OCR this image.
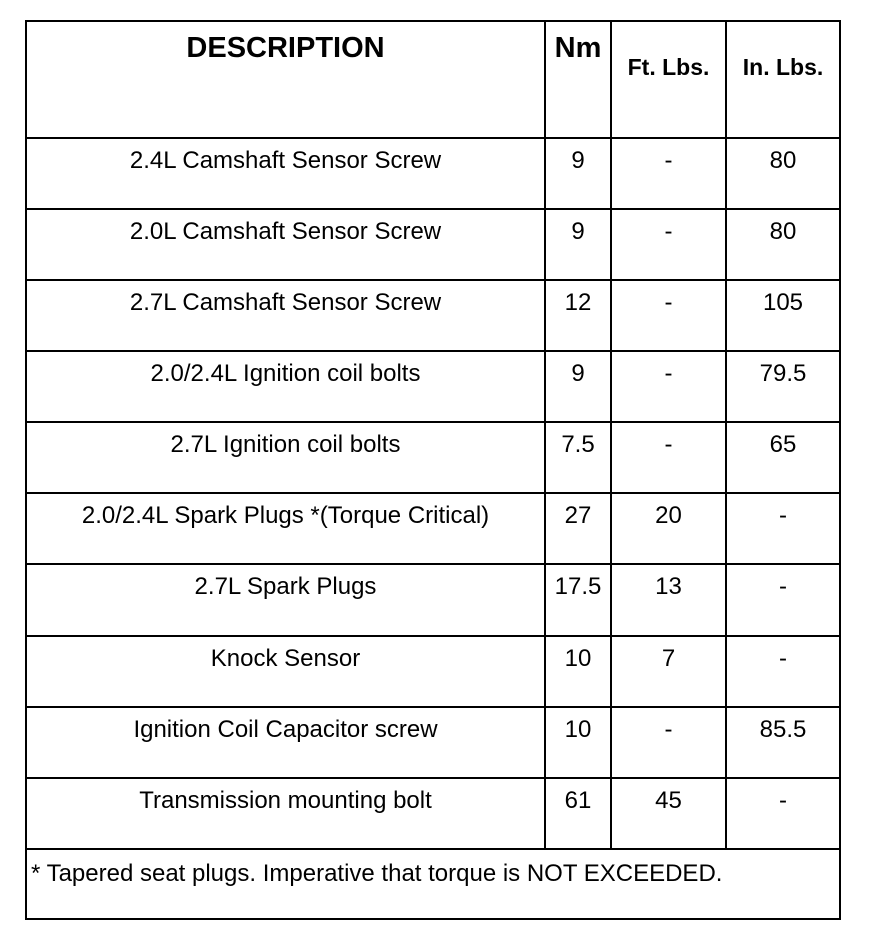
DESCRIPTION	Nm	Ft. Lbs.	In. Lbs.
2.4L Camshaft Sensor Screw	9	-	80
2.0L Camshaft Sensor Screw	9	-	80
2.7L Camshaft Sensor Screw	12	-	105
2.0/2.4L Ignition coil bolts	9	-	79.5
2.7L Ignition coil bolts	7.5	-	65
2.0/2.4L Spark Plugs *(Torque Critical)	27	20	-
2.7L Spark Plugs	17.5	13	-
Knock Sensor	10	7	-
Ignition Coil Capacitor screw	10	-	85.5
Transmission mounting bolt	61	45	-
* Tapered seat plugs. Imperative that torque is NOT EXCEEDED.			
